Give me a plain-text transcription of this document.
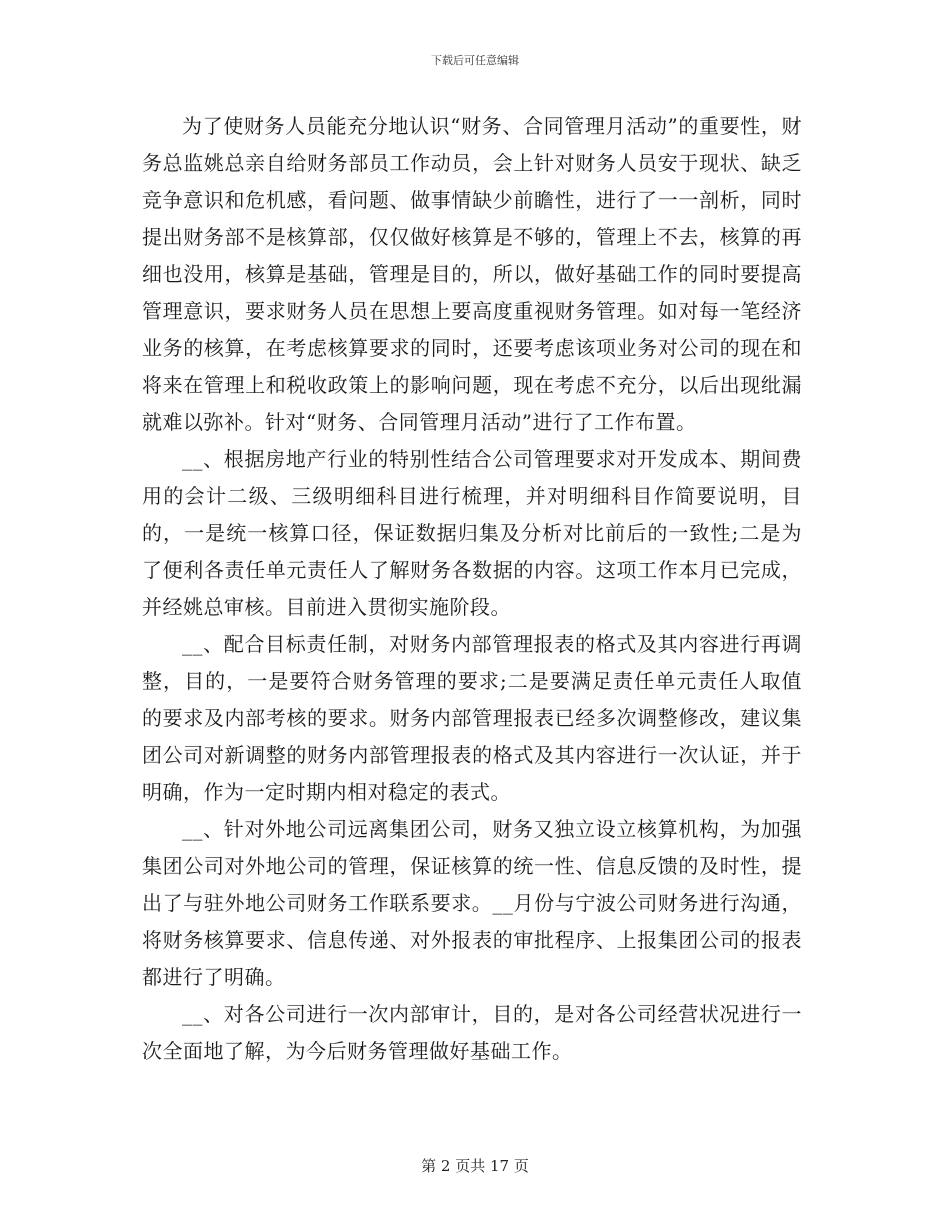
下载后可任意编辑

为了使财务人员能充分地认识“财务、合同管理月活动”的重要性，财务总监姚总亲自给财务部员工作动员，会上针对财务人员安于现状、缺乏竞争意识和危机感，看问题、做事情缺少前瞻性，进行了一一剖析，同时提出财务部不是核算部，仅仅做好核算是不够的，管理上不去，核算的再细也没用，核算是基础，管理是目的，所以，做好基础工作的同时要提高管理意识，要求财务人员在思想上要高度重视财务管理。如对每一笔经济业务的核算，在考虑核算要求的同时，还要考虑该项业务对公司的现在和将来在管理上和税收政策上的影响问题，现在考虑不充分，以后出现纰漏就难以弥补。针对“财务、合同管理月活动”进行了工作布置。

__、根据房地产行业的特别性结合公司管理要求对开发成本、期间费用的会计二级、三级明细科目进行梳理，并对明细科目作简要说明，目的，一是统一核算口径，保证数据归集及分析对比前后的一致性;二是为了便利各责任单元责任人了解财务各数据的内容。这项工作本月已完成，并经姚总审核。目前进入贯彻实施阶段。

__、配合目标责任制，对财务内部管理报表的格式及其内容进行再调整，目的，一是要符合财务管理的要求;二是要满足责任单元责任人取值的要求及内部考核的要求。财务内部管理报表已经多次调整修改，建议集团公司对新调整的财务内部管理报表的格式及其内容进行一次认证，并于明确，作为一定时期内相对稳定的表式。

__、针对外地公司远离集团公司，财务又独立设立核算机构，为加强集团公司对外地公司的管理，保证核算的统一性、信息反馈的及时性，提出了与驻外地公司财务工作联系要求。__月份与宁波公司财务进行沟通，将财务核算要求、信息传递、对外报表的审批程序、上报集团公司的报表都进行了明确。

__、对各公司进行一次内部审计，目的，是对各公司经营状况进行一次全面地了解，为今后财务管理做好基础工作。

第 2 页共 17 页
